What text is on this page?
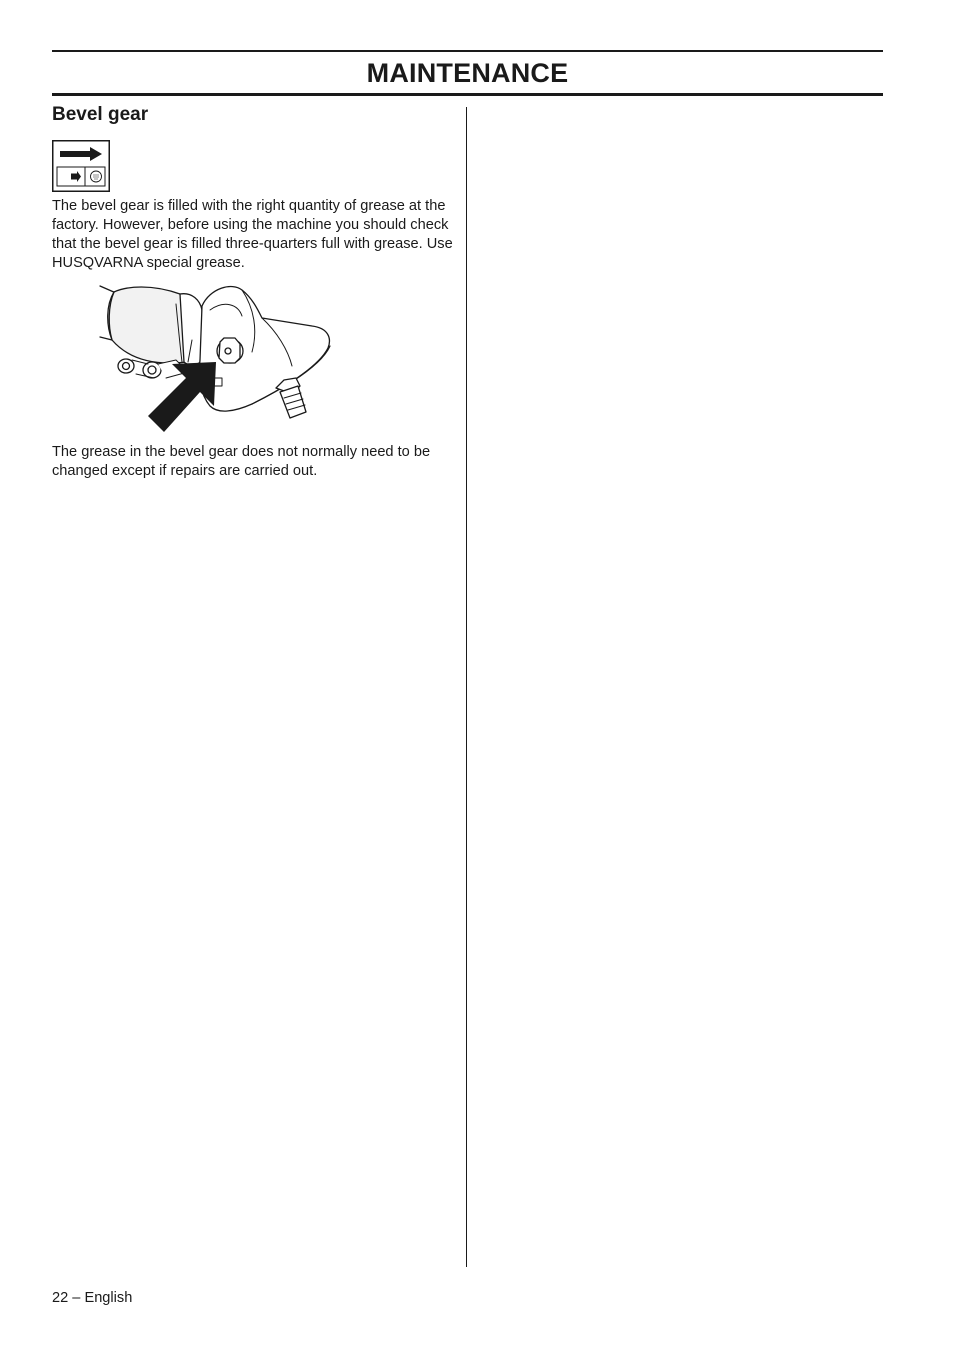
MAINTENANCE
Bevel gear

The bevel gear is filled with the right quantity of grease at the factory. However, before using the machine you should check that the bevel gear is filled three-quarters full with grease. Use HUSQVARNA special grease.

The grease in the bevel gear does not normally need to be changed except if repairs are carried out.

22 – English
